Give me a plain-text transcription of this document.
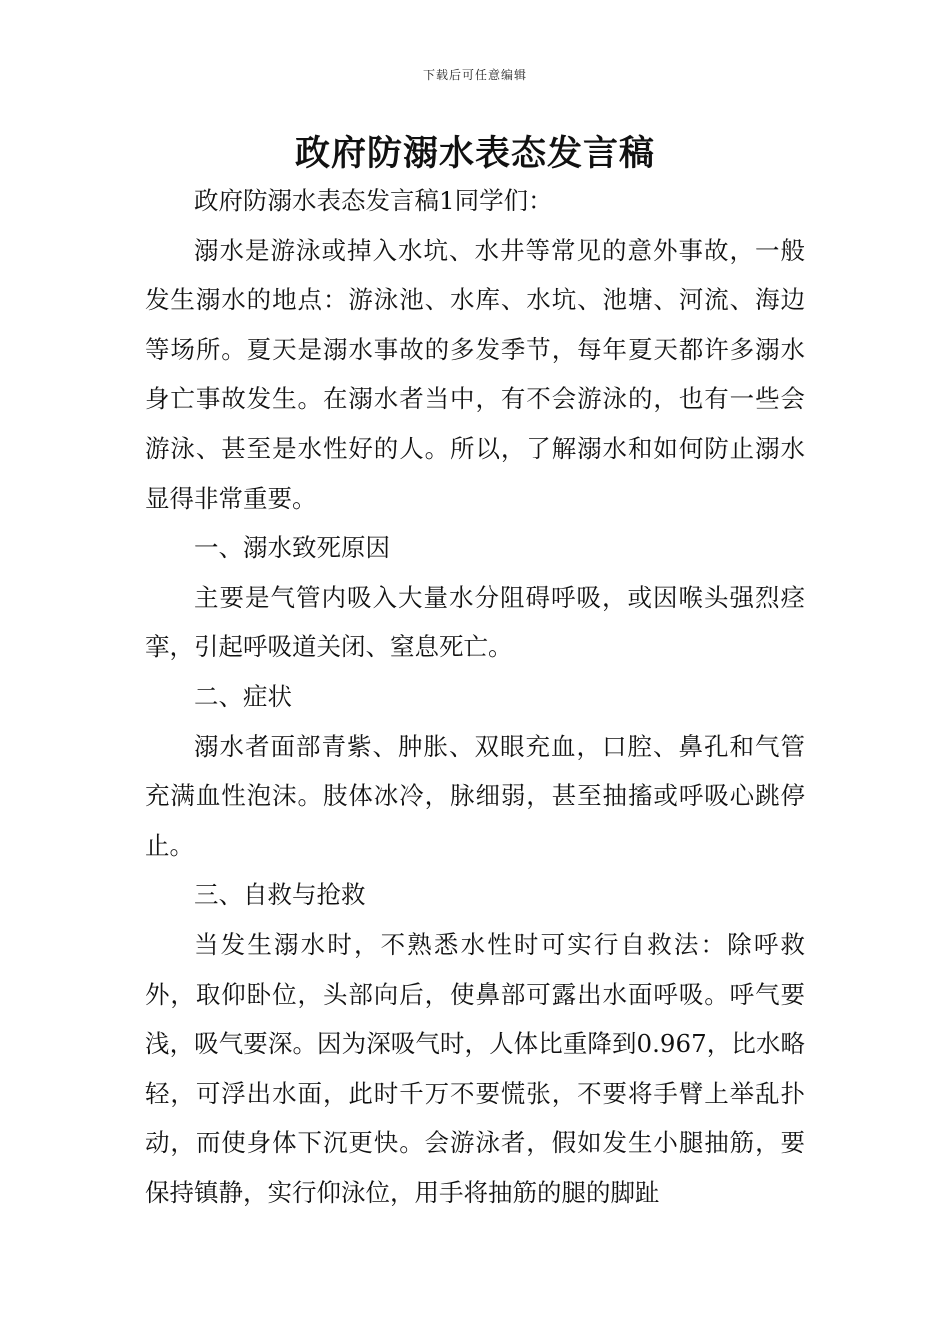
下载后可任意编辑
政府防溺水表态发言稿

政府防溺水表态发言稿1同学们：

溺水是游泳或掉入水坑、水井等常见的意外事故，一般发生溺水的地点：游泳池、水库、水坑、池塘、河流、海边等场所。夏天是溺水事故的多发季节，每年夏天都许多溺水身亡事故发生。在溺水者当中，有不会游泳的，也有一些会游泳、甚至是水性好的人。所以，了解溺水和如何防止溺水显得非常重要。

一、溺水致死原因

主要是气管内吸入大量水分阻碍呼吸，或因喉头强烈痉挛，引起呼吸道关闭、窒息死亡。

二、症状

溺水者面部青紫、肿胀、双眼充血，口腔、鼻孔和气管充满血性泡沫。肢体冰冷，脉细弱，甚至抽搐或呼吸心跳停止。

三、自救与抢救

当发生溺水时，不熟悉水性时可实行自救法：除呼救外，取仰卧位，头部向后，使鼻部可露出水面呼吸。呼气要浅，吸气要深。因为深吸气时，人体比重降到0.967，比水略轻，可浮出水面，此时千万不要慌张，不要将手臂上举乱扑动，而使身体下沉更快。会游泳者，假如发生小腿抽筋，要保持镇静，实行仰泳位，用手将抽筋的腿的脚趾
